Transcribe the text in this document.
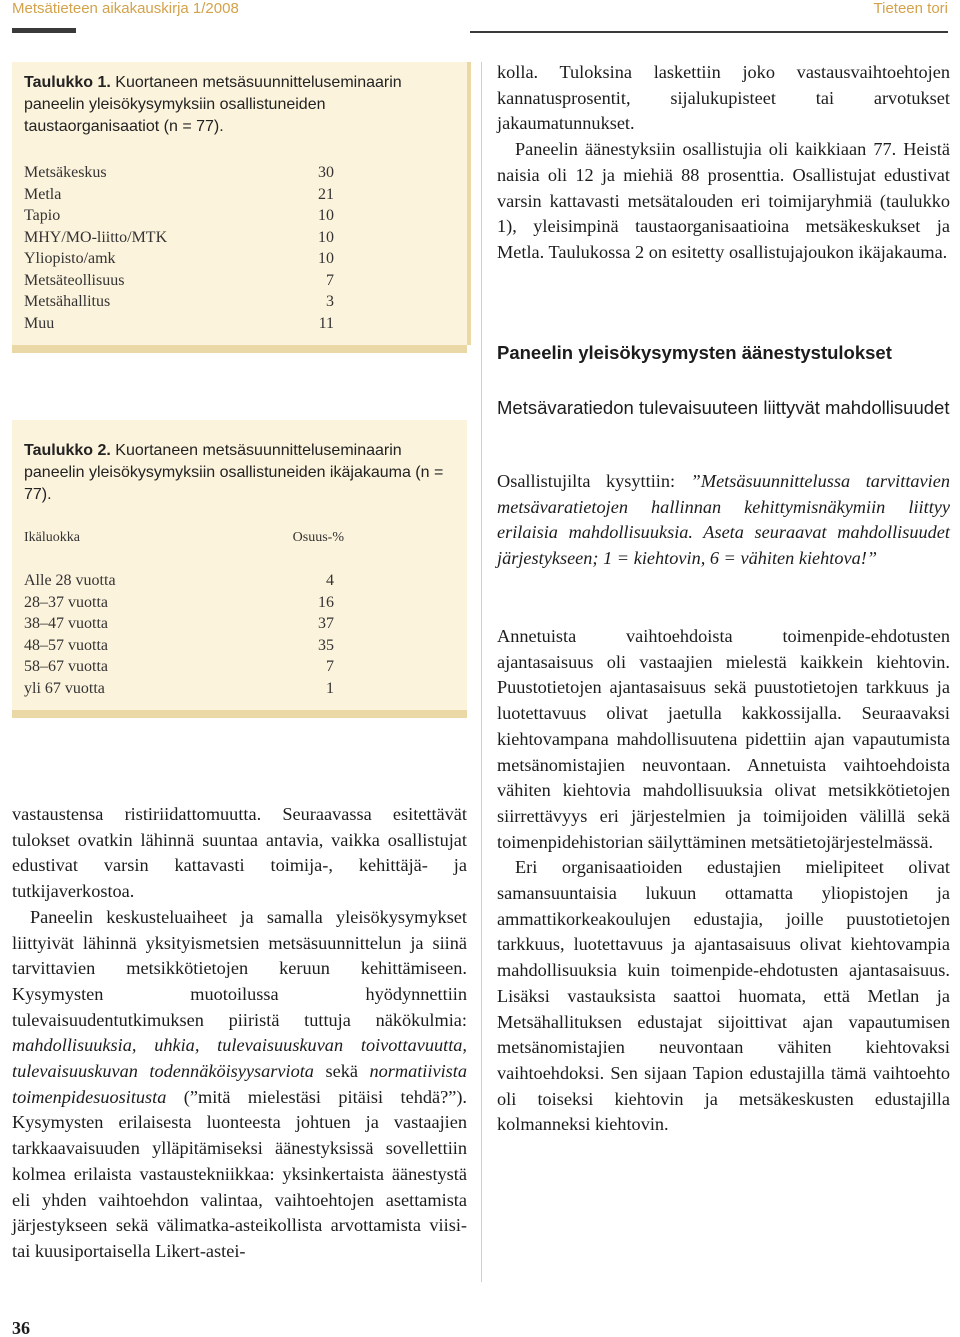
Metsätieteen aikakauskirja 1/2008	Tieteen tori
Taulukko 1. Kuortaneen metsäsuunnitteluseminaarin paneelin yleisökysymyksiin osallistuneiden taustaorganisaatiot (n = 77).
Metsäkeskus	30
Metla	21
Tapio	10
MHY/MO-liitto/MTK	10
Yliopisto/amk	10
Metsäteollisuus	7
Metsähallitus	3
Muu	11
Taulukko 2. Kuortaneen metsäsuunnitteluseminaarin paneelin yleisökysymyksiin osallistuneiden ikäjakauma (n = 77).
Ikäluokka	Osuus-%
Alle 28 vuotta	4
28–37 vuotta	16
38–47 vuotta	37
48–57 vuotta	35
58–67 vuotta	7
yli 67 vuotta	1

vastaustensa ristiriidattomuutta. Seuraavassa esitettävät tulokset ovatkin lähinnä suuntaa antavia, vaikka osallistujat edustivat varsin kattavasti toimija-, kehittäjä- ja tutkijaverkostoa.

Paneelin keskusteluaiheet ja samalla yleisökysymykset liittyivät lähinnä yksityismetsien metsäsuunnittelun ja siinä tarvittavien metsikkötietojen keruun kehittämiseen. Kysymysten muotoilussa hyödynnettiin tulevaisuudentutkimuksen piiristä tuttuja näkökulmia: mahdollisuuksia, uhkia, tulevaisuuskuvan toivottavuutta, tulevaisuuskuvan todennäköisyysarviota sekä normatiivista toimenpidesuositusta (”mitä mielestäsi pitäisi tehdä?”). Kysymysten erilaisesta luonteesta johtuen ja vastaajien tarkkaavaisuuden ylläpitämiseksi äänestyksissä sovellettiin kolmea erilaista vastaustekniikkaa: yksinkertaista äänestystä eli yhden vaihtoehdon valintaa, vaihtoehtojen asettamista järjestykseen sekä välimatka-asteikollista arvottamista viisi- tai kuusiportaisella Likert-astei-

kolla. Tuloksina laskettiin joko vastausvaihtoehtojen kannatusprosentit, sijalukupisteet tai arvotukset jakaumatunnukset.

Paneelin äänestyksiin osallistujia oli kaikkiaan 77. Heistä naisia oli 12 ja miehiä 88 prosenttia. Osallistujat edustivat varsin kattavasti metsätalouden eri toimijaryhmiä (taulukko 1), yleisimpinä taustaorganisaatioina metsäkeskukset ja Metla. Taulukossa 2 on esitetty osallistujajoukon ikäjakauma.

Paneelin yleisökysymysten äänestystulokset
Metsävaratiedon tulevaisuuteen liittyvät mahdollisuudet

Osallistujilta kysyttiin: ”Metsäsuunnittelussa tarvittavien metsävaratietojen hallinnan kehittymisnäkymiin liittyy erilaisia mahdollisuuksia. Aseta seuraavat mahdollisuudet järjestykseen; 1 = kiehtovin, 6 = vähiten kiehtova!”

Annetuista vaihtoehdoista toimenpide-ehdotusten ajantasaisuus oli vastaajien mielestä kaikkein kiehtovin. Puustotietojen ajantasaisuus sekä puustotietojen tarkkuus ja luotettavuus olivat jaetulla kakkossijalla. Seuraavaksi kiehtovampana mahdollisuutena pidettiin ajan vapautumista metsänomistajien neuvontaan. Annetuista vaihtoehdoista vähiten kiehtovia mahdollisuuksia olivat metsikkötietojen siirrettävyys eri järjestelmien ja toimijoiden välillä sekä toimenpidehistorian säilyttäminen metsätietojärjestelmässä.

Eri organisaatioiden edustajien mielipiteet olivat samansuuntaisia lukuun ottamatta yliopistojen ja ammattikorkeakoulujen edustajia, joille puustotietojen tarkkuus, luotettavuus ja ajantasaisuus olivat kiehtovampia mahdollisuuksia kuin toimenpide-ehdotusten ajantasaisuus. Lisäksi vastauksista saattoi huomata, että Metlan ja Metsähallituksen edustajat sijoittivat ajan vapautumisen metsänomistajien neuvontaan vähiten kiehtovaksi vaihtoehdoksi. Sen sijaan Tapion edustajilla tämä vaihtoehto oli toiseksi kiehtovin ja metsäkeskusten edustajilla kolmanneksi kiehtovin.

36
